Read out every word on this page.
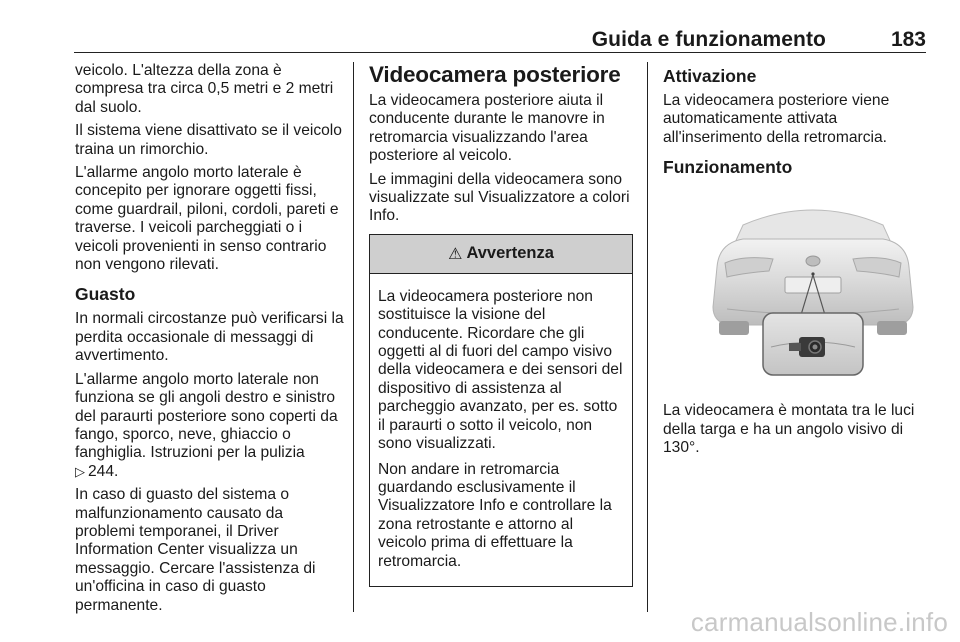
Guida e funzionamento	183

veicolo. L'altezza della zona è compresa tra circa 0,5 metri e 2 metri dal suolo.

Il sistema viene disattivato se il veicolo traina un rimorchio.

L'allarme angolo morto laterale è concepito per ignorare oggetti fissi, come guardrail, piloni, cordoli, pareti e traverse. I veicoli parcheggiati o i veicoli provenienti in senso contrario non vengono rilevati.

Guasto

In normali circostanze può verificarsi la perdita occasionale di messaggi di avvertimento.

L'allarme angolo morto laterale non funziona se gli angoli destro e sinistro del paraurti posteriore sono coperti da fango, sporco, neve, ghiaccio o fanghiglia. Istruzioni per la pulizia
▷ 244.

In caso di guasto del sistema o malfunzionamento causato da problemi temporanei, il Driver Information Center visualizza un messaggio. Cercare l'assistenza di un'officina in caso di guasto permanente.

Videocamera posteriore

La videocamera posteriore aiuta il conducente durante le manovre in retromarcia visualizzando l'area posteriore al veicolo.

Le immagini della videocamera sono visualizzate sul Visualizzatore a colori Info.

⚠ Avvertenza

La videocamera posteriore non sostituisce la visione del conducente. Ricordare che gli oggetti al di fuori del campo visivo della videocamera e dei sensori del dispositivo di assistenza al parcheggio avanzato, per es. sotto il paraurti o sotto il veicolo, non sono visualizzati.

Non andare in retromarcia guardando esclusivamente il Visualizzatore Info e controllare la zona retrostante e attorno al veicolo prima di effettuare la retromarcia.

Attivazione

La videocamera posteriore viene automaticamente attivata all'inserimento della retromarcia.

Funzionamento

La videocamera è montata tra le luci della targa e ha un angolo visivo di 130°.

carmanualsonline.info
